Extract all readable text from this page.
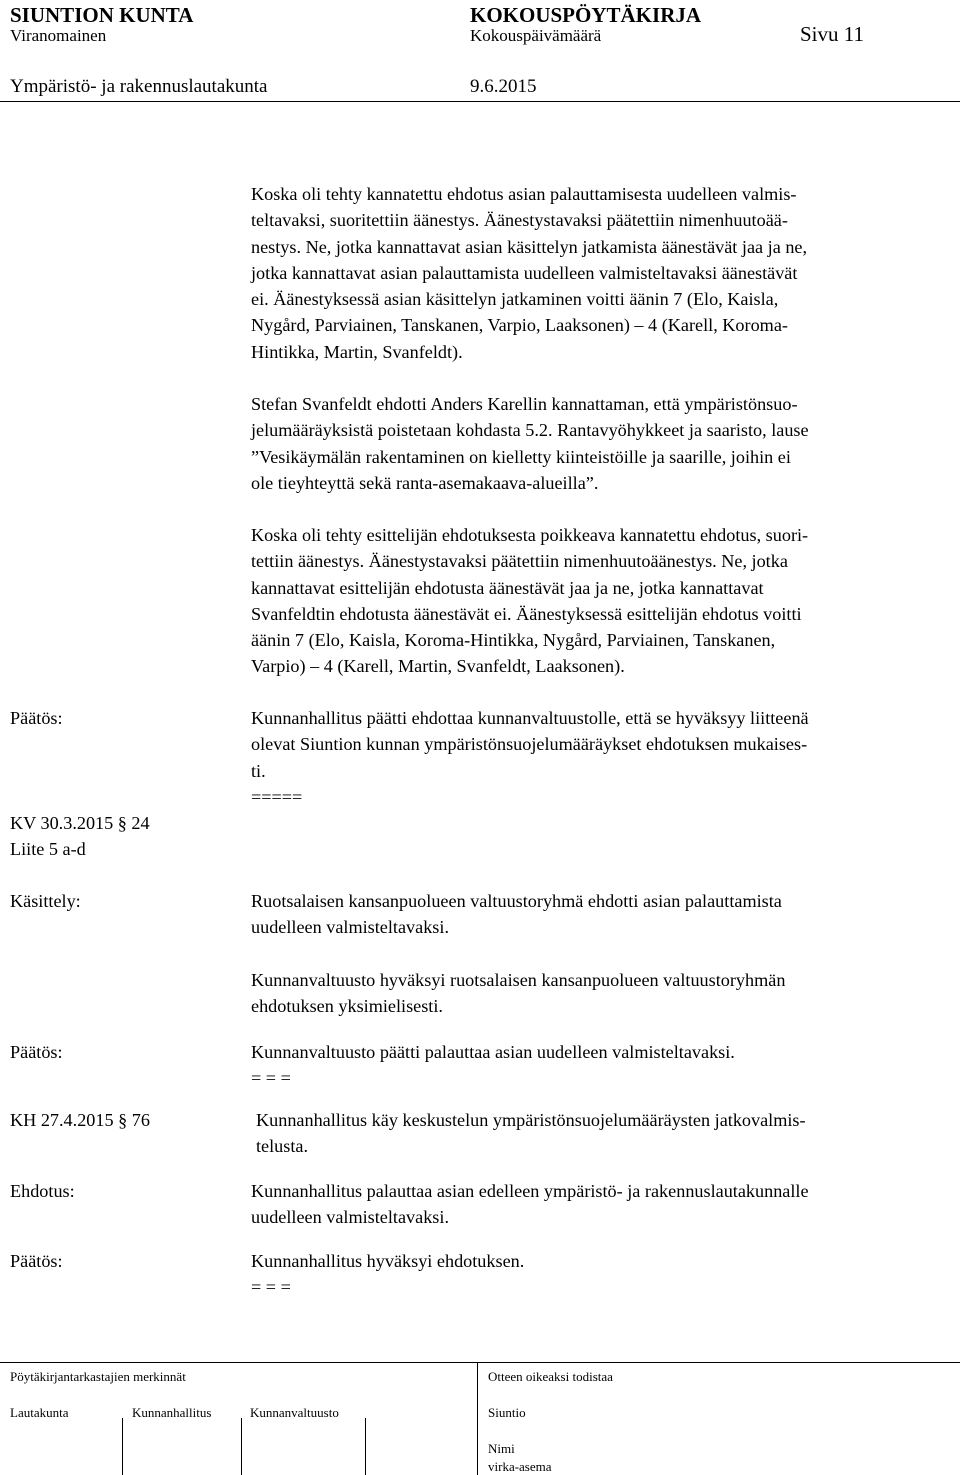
SIUNTION KUNTA	KOKOUSPÖYTÄKIRJA
Viranomainen	Kokouspäivämäärä	Sivu 11
Ympäristö- ja rakennuslautakunta	9.6.2015
Koska oli tehty kannatettu ehdotus asian palauttamisesta uudelleen valmis-
teltavaksi, suoritettiin äänestys. Äänestystavaksi päätettiin nimenhuutoää-
nestys. Ne, jotka kannattavat asian käsittelyn jatkamista äänestävät jaa ja ne,
jotka kannattavat asian palauttamista uudelleen valmisteltavaksi äänestävät
ei. Äänestyksessä asian käsittelyn jatkaminen voitti äänin 7 (Elo, Kaisla,
Nygård, Parviainen, Tanskanen, Varpio, Laaksonen) – 4 (Karell, Koroma-
Hintikka, Martin, Svanfeldt).
Stefan Svanfeldt ehdotti Anders Karellin kannattaman, että ympäristönsuo-
jelumääräyksistä poistetaan kohdasta 5.2. Rantavyöhykkeet ja saaristo, lause
”Vesikäymälän rakentaminen on kielletty kiinteistöille ja saarille, joihin ei
ole tieyhteyttä sekä ranta-asemakaava-alueilla”.
Koska oli tehty esittelijän ehdotuksesta poikkeava kannatettu ehdotus, suori-
tettiin äänestys. Äänestystavaksi päätettiin nimenhuutoäänestys. Ne, jotka
kannattavat esittelijän ehdotusta äänestävät jaa ja ne, jotka kannattavat
Svanfeldtin ehdotusta äänestävät ei. Äänestyksessä esittelijän ehdotus voitti
äänin 7 (Elo, Kaisla, Koroma-Hintikka, Nygård, Parviainen, Tanskanen,
Varpio) – 4 (Karell, Martin, Svanfeldt, Laaksonen).
Päätös:	Kunnanhallitus päätti ehdottaa kunnanvaltuustolle, että se hyväksyy liitteenä
olevat Siuntion kunnan ympäristönsuojelumääräykset ehdotuksen mukaises-
ti.
=====
KV 30.3.2015 § 24
Liite 5 a-d
Käsittely:	Ruotsalaisen kansanpuolueen valtuustoryhmä ehdotti asian palauttamista
uudelleen valmisteltavaksi.
Kunnanvaltuusto hyväksyi ruotsalaisen kansanpuolueen valtuustoryhmän
ehdotuksen yksimielisesti.
Päätös:	Kunnanvaltuusto päätti palauttaa asian uudelleen valmisteltavaksi.
= = =
KH 27.4.2015 § 76	Kunnanhallitus käy keskustelun ympäristönsuojelumääräysten jatkovalmis-
telusta.
Ehdotus:	Kunnanhallitus palauttaa asian edelleen ympäristö- ja rakennuslautakunnalle
uudelleen valmisteltavaksi.
Päätös:	Kunnanhallitus hyväksyi ehdotuksen.
= = =
Pöytäkirjantarkastajien merkinnät	Otteen oikeaksi todistaa
Lautakunta	Kunnanhallitus	Kunnanvaltuusto	Siuntio
Nimi
virka-asema
